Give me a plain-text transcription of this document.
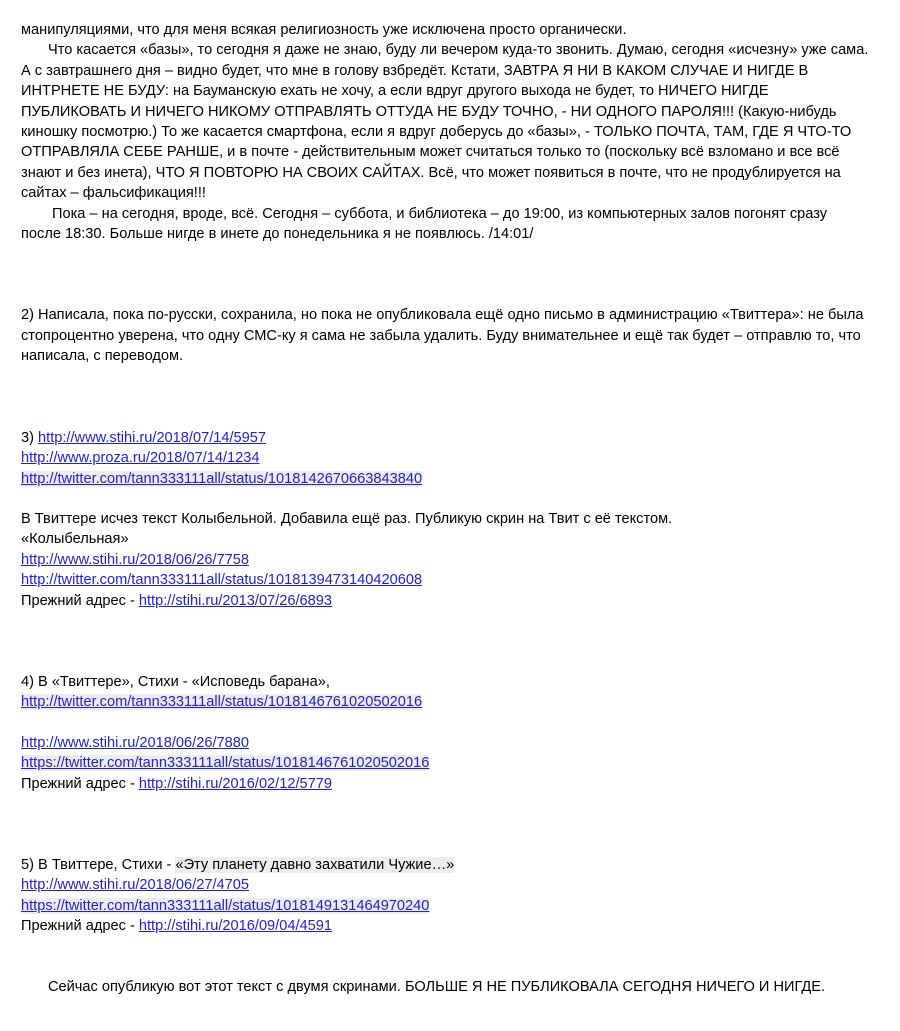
манипуляциями, что для меня всякая религиозность уже исключена просто органически.

Что касается «базы», то сегодня я даже не знаю, буду ли вечером куда-то звонить. Думаю, сегодня «исчезну» уже сама. А с завтрашнего дня – видно будет, что мне в голову взбредёт. Кстати, ЗАВТРА Я НИ В КАКОМ СЛУЧАЕ И НИГДЕ В ИНТРНЕТЕ НЕ БУДУ: на Бауманскую ехать не хочу, а если вдруг другого выхода не будет, то НИЧЕГО НИГДЕ ПУБЛИКОВАТЬ И НИЧЕГО НИКОМУ ОТПРАВЛЯТЬ ОТТУДА НЕ БУДУ ТОЧНО, - НИ ОДНОГО ПАРОЛЯ!!! (Какую-нибудь киношку посмотрю.) То же касается смартфона, если я вдруг доберусь до «базы», - ТОЛЬКО ПОЧТА, ТАМ, ГДЕ Я ЧТО-ТО ОТПРАВЛЯЛА СЕБЕ РАНШЕ, и в почте - действительным может считаться только то (поскольку всё взломано и все всё знают и без инета), ЧТО Я ПОВТОРЮ НА СВОИХ САЙТАХ. Всё, что может появиться в почте, что не продублируется на сайтах – фальсификация!!!

Пока – на сегодня, вроде, всё. Сегодня – суббота, и библиотека – до 19:00, из компьютерных залов погонят сразу после 18:30. Больше нигде в инете до понедельника я не появлюсь. /14:01/

2) Написала, пока по-русски, сохранила, но пока не опубликовала ещё одно письмо в администрацию «Твиттера»: не была стопроцентно уверена, что одну СМС-ку я сама не забыла удалить. Буду внимательнее и ещё так будет – отправлю то, что написала, с переводом.

3) http://www.stihi.ru/2018/07/14/5957

http://www.proza.ru/2018/07/14/1234

http://twitter.com/tann333111all/status/1018142670663843840

В Твиттере исчез текст Колыбельной. Добавила ещё раз. Публикую скрин на Твит с её текстом.

«Колыбельная»

http://www.stihi.ru/2018/06/26/7758

http://twitter.com/tann333111all/status/1018139473140420608

Прежний адрес - http://stihi.ru/2013/07/26/6893

4) В «Твиттере», Стихи - «Исповедь барана»,

http://twitter.com/tann333111all/status/1018146761020502016

http://www.stihi.ru/2018/06/26/7880

https://twitter.com/tann333111all/status/1018146761020502016

Прежний адрес - http://stihi.ru/2016/02/12/5779

5) В Твиттере, Стихи - «Эту планету давно захватили Чужие…»

http://www.stihi.ru/2018/06/27/4705

https://twitter.com/tann333111all/status/1018149131464970240

Прежний адрес - http://stihi.ru/2016/09/04/4591

Сейчас опубликую вот этот текст с двумя скринами. БОЛЬШЕ Я НЕ ПУБЛИКОВАЛА СЕГОДНЯ НИЧЕГО И НИГДЕ.
